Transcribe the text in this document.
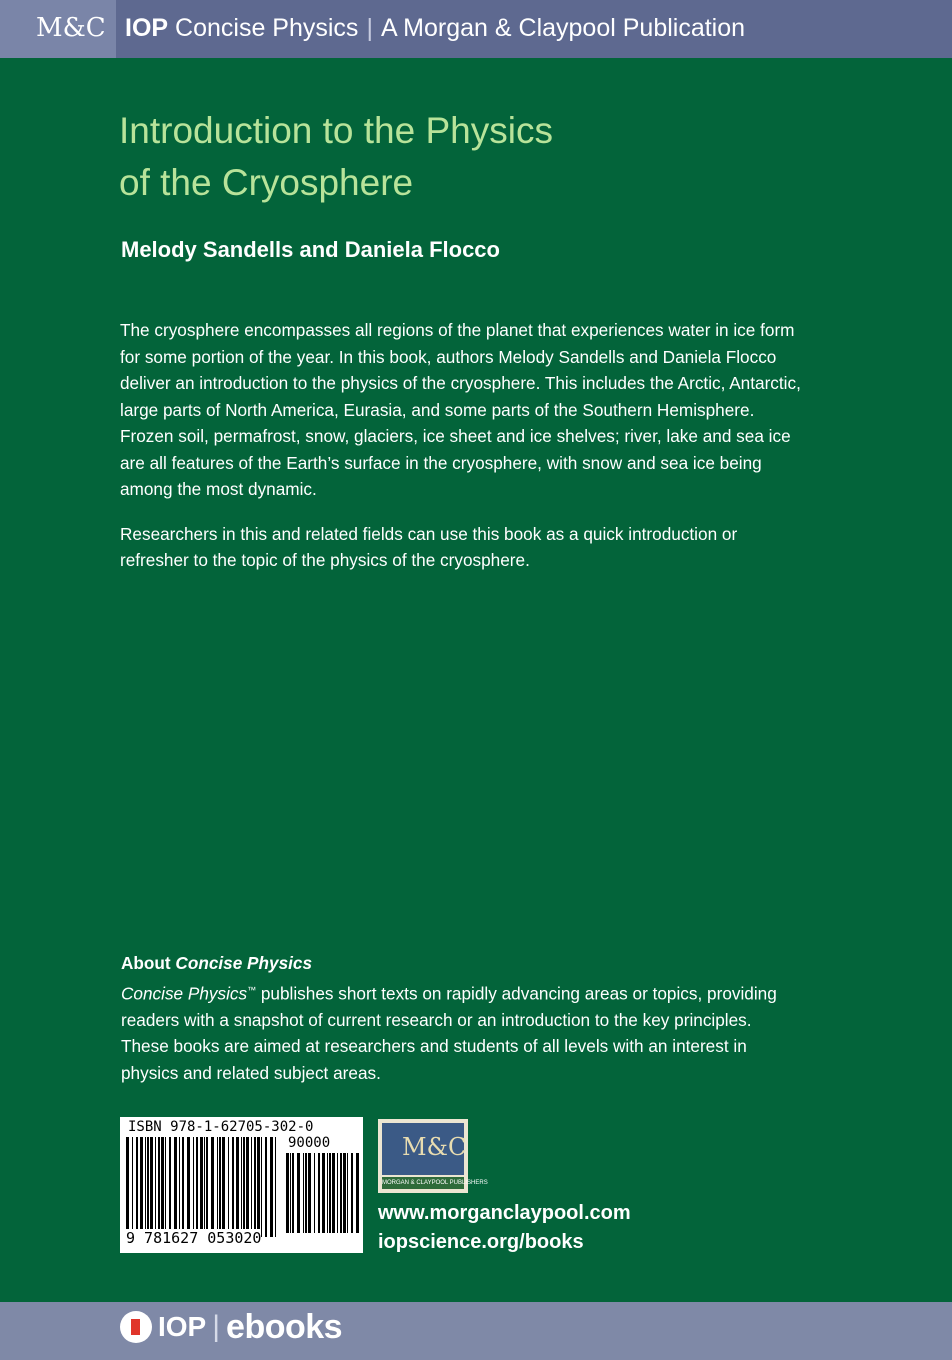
M&C IOP Concise Physics | A Morgan & Claypool Publication
Introduction to the Physics
of the Cryosphere
Melody Sandells and Daniela Flocco

The cryosphere encompasses all regions of the planet that experiences water in ice form for some portion of the year. In this book, authors Melody Sandells and Daniela Flocco deliver an introduction to the physics of the cryosphere. This includes the Arctic, Antarctic, large parts of North America, Eurasia, and some parts of the Southern Hemisphere. Frozen soil, permafrost, snow, glaciers, ice sheet and ice shelves; river, lake and sea ice are all features of the Earth’s surface in the cryosphere, with snow and sea ice being among the most dynamic.

Researchers in this and related fields can use this book as a quick introduction or refresher to the topic of the physics of the cryosphere.

About Concise Physics
Concise Physics™ publishes short texts on rapidly advancing areas or topics, providing readers with a snapshot of current research or an introduction to the key principles. These books are aimed at researchers and students of all levels with an interest in physics and related subject areas.
ISBN 978-1-62705-302-0
90000
9 781627 053020
M&C
MORGAN & CLAYPOOL PUBLISHERS
www.morganclaypool.com
iopscience.org/books
IOP | ebooks
